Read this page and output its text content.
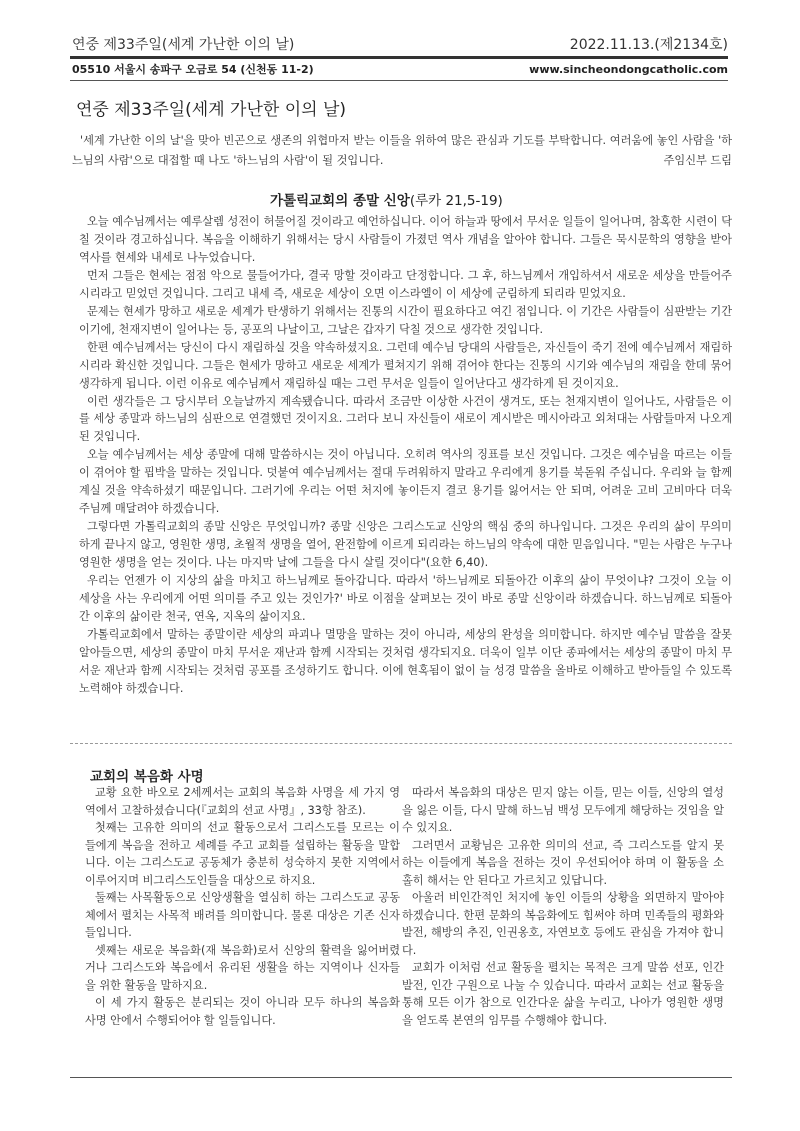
연중 제33주일(세계 가난한 이의 날)	2022.11.13.(제2134호)
05510 서울시 송파구 오금로 54 (신천동 11-2)	www.sincheondongcatholic.com
연중 제33주일(세계 가난한 이의 날)

'세계 가난한 이의 날'을 맞아 빈곤으로 생존의 위협마저 받는 이들을 위하여 많은 관심과 기도를 부탁합니다. 여러움에 놓인 사람을 '하느님의 사람'으로 대접할 때 나도 '하느님의 사람'이 될 것입니다.	주임신부 드림

가톨릭교회의 종말 신앙(루카 21,5-19)

오늘 예수님께서는 예루살렘 성전이 허물어질 것이라고 예언하십니다. 이어 하늘과 땅에서 무서운 일들이 일어나며, 참혹한 시련이 닥칠 것이라 경고하십니다. 복음을 이해하기 위해서는 당시 사람들이 가졌던 역사 개념을 알아야 합니다. 그들은 묵시문학의 영향을 받아 역사를 현세와 내세로 나누었습니다.

먼저 그들은 현세는 점점 악으로 물들어가다, 결국 망할 것이라고 단정합니다. 그 후, 하느님께서 개입하셔서 새로운 세상을 만들어주시리라고 믿었던 것입니다. 그리고 내세 즉, 새로운 세상이 오면 이스라엘이 이 세상에 군림하게 되리라 믿었지요.

문제는 현세가 망하고 새로운 세계가 탄생하기 위해서는 진통의 시간이 필요하다고 여긴 점입니다. 이 기간은 사람들이 심판받는 기간이기에, 천재지변이 일어나는 등, 공포의 나날이고, 그날은 갑자기 닥칠 것으로 생각한 것입니다.

한편 예수님께서는 당신이 다시 재림하실 것을 약속하셨지요. 그런데 예수님 당대의 사람들은, 자신들이 죽기 전에 예수님께서 재림하시리라 확신한 것입니다. 그들은 현세가 망하고 새로운 세계가 펼쳐지기 위해 겪어야 한다는 진통의 시기와 예수님의 재림을 한데 묶어 생각하게 됩니다. 이런 이유로 예수님께서 재림하실 때는 그런 무서운 일들이 일어난다고 생각하게 된 것이지요.

이런 생각들은 그 당시부터 오늘날까지 계속됐습니다. 따라서 조금만 이상한 사건이 생겨도, 또는 천재지변이 일어나도, 사람들은 이를 세상 종말과 하느님의 심판으로 연결했던 것이지요. 그러다 보니 자신들이 새로이 계시받은 메시아라고 외쳐대는 사람들마저 나오게 된 것입니다.

오늘 예수님께서는 세상 종말에 대해 말씀하시는 것이 아닙니다. 오히려 역사의 징표를 보신 것입니다. 그것은 예수님을 따르는 이들이 겪어야 할 핍박을 말하는 것입니다. 덧붙여 예수님께서는 절대 두려워하지 말라고 우리에게 용기를 북돋워 주십니다. 우리와 늘 함께 계실 것을 약속하셨기 때문입니다. 그러기에 우리는 어떤 처지에 놓이든지 결코 용기를 잃어서는 안 되며, 어려운 고비 고비마다 더욱 주님께 매달려야 하겠습니다.

그렇다면 가톨릭교회의 종말 신앙은 무엇입니까? 종말 신앙은 그리스도교 신앙의 핵심 중의 하나입니다. 그것은 우리의 삶이 무의미하게 끝나지 않고, 영원한 생명, 초월적 생명을 열어, 완전함에 이르게 되리라는 하느님의 약속에 대한 믿음입니다. "믿는 사람은 누구나 영원한 생명을 얻는 것이다. 나는 마지막 날에 그들을 다시 살릴 것이다"(요한 6,40).

우리는 언젠가 이 지상의 삶을 마치고 하느님께로 돌아갑니다. 따라서 '하느님께로 되돌아간 이후의 삶이 무엇이냐? 그것이 오늘 이 세상을 사는 우리에게 어떤 의미를 주고 있는 것인가?' 바로 이점을 살펴보는 것이 바로 종말 신앙이라 하겠습니다. 하느님께로 되돌아간 이후의 삶이란 천국, 연옥, 지옥의 삶이지요.

가톨릭교회에서 말하는 종말이란 세상의 파괴나 멸망을 말하는 것이 아니라, 세상의 완성을 의미합니다. 하지만 예수님 말씀을 잘못 알아들으면, 세상의 종말이 마치 무서운 재난과 함께 시작되는 것처럼 생각되지요. 더욱이 일부 이단 종파에서는 세상의 종말이 마치 무서운 재난과 함께 시작되는 것처럼 공포를 조성하기도 합니다. 이에 현혹됨이 없이 늘 성경 말씀을 올바로 이해하고 받아들일 수 있도록 노력해야 하겠습니다.

교회의 복음화 사명

교황 요한 바오로 2세께서는 교회의 복음화 사명을 세 가지 영역에서 고찰하셨습니다(『교회의 선교 사명』, 33항 참조).

첫째는 고유한 의미의 선교 활동으로서 그리스도를 모르는 이들에게 복음을 전하고 세례를 주고 교회를 설립하는 활동을 말합니다. 이는 그리스도교 공동체가 충분히 성숙하지 못한 지역에서 이루어지며 비그리스도인들을 대상으로 하지요.

둘째는 사목활동으로 신앙생활을 열심히 하는 그리스도교 공동체에서 펼치는 사목적 배려를 의미합니다. 물론 대상은 기존 신자들입니다.

셋째는 새로운 복음화(재 복음화)로서 신앙의 활력을 잃어버렸거나 그리스도와 복음에서 유리된 생활을 하는 지역이나 신자들을 위한 활동을 말하지요.

이 세 가지 활동은 분리되는 것이 아니라 모두 하나의 복음화 사명 안에서 수행되어야 할 일들입니다.

따라서 복음화의 대상은 믿지 않는 이들, 믿는 이들, 신앙의 열성을 잃은 이들, 다시 말해 하느님 백성 모두에게 해당하는 것임을 알 수 있지요.

그러면서 교황님은 고유한 의미의 선교, 즉 그리스도를 알지 못하는 이들에게 복음을 전하는 것이 우선되어야 하며 이 활동을 소홀히 해서는 안 된다고 가르치고 있답니다.

아울러 비인간적인 처지에 놓인 이들의 상황을 외면하지 말아야 하겠습니다. 한편 문화의 복음화에도 힘써야 하며 민족들의 평화와 발전, 해방의 추진, 인권옹호, 자연보호 등에도 관심을 가져야 합니다.

교회가 이처럼 선교 활동을 펼치는 목적은 크게 말씀 선포, 인간 발전, 인간 구원으로 나눌 수 있습니다. 따라서 교회는 선교 활동을 통해 모든 이가 참으로 인간다운 삶을 누리고, 나아가 영원한 생명을 얻도록 본연의 임무를 수행해야 합니다.
